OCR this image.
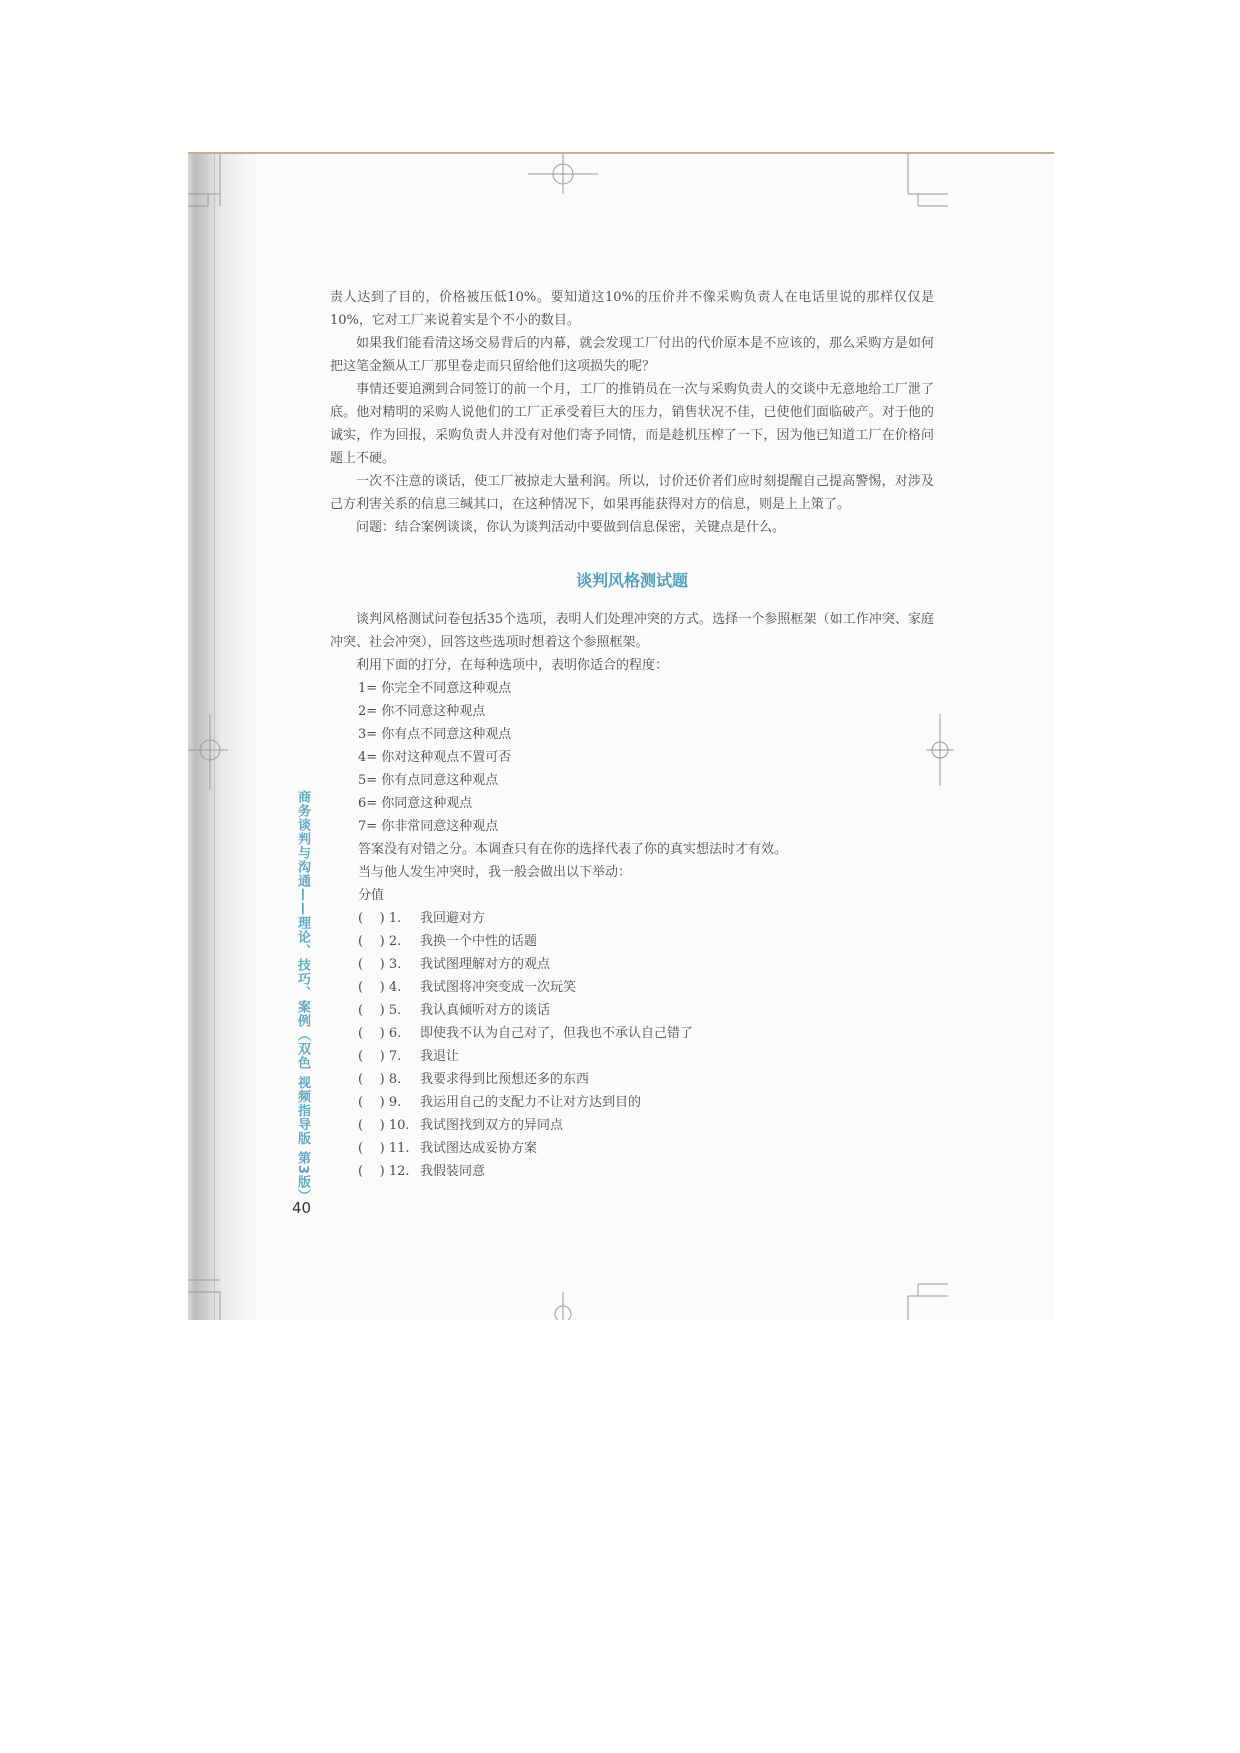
商务谈判与沟通——理论、技巧、案例（双色 视频指导版 第3版）
40

责人达到了目的，价格被压低10%。要知道这10%的压价并不像采购负责人在电话里说的那样仅仅是10%，它对工厂来说着实是个不小的数目。

如果我们能看清这场交易背后的内幕，就会发现工厂付出的代价原本是不应该的，那么采购方是如何把这笔金额从工厂那里卷走而只留给他们这项损失的呢？

事情还要追溯到合同签订的前一个月，工厂的推销员在一次与采购负责人的交谈中无意地给工厂泄了底。他对精明的采购人说他们的工厂正承受着巨大的压力，销售状况不佳，已使他们面临破产。对于他的诚实，作为回报，采购负责人并没有对他们寄予同情，而是趁机压榨了一下，因为他已知道工厂在价格问题上不硬。

一次不注意的谈话，使工厂被掠走大量利润。所以，讨价还价者们应时刻提醒自己提高警惕，对涉及己方利害关系的信息三缄其口，在这种情况下，如果再能获得对方的信息，则是上上策了。

问题：结合案例谈谈，你认为谈判活动中要做到信息保密，关键点是什么。

谈判风格测试题

谈判风格测试问卷包括35个选项，表明人们处理冲突的方式。选择一个参照框架（如工作冲突、家庭冲突、社会冲突），回答这些选项时想着这个参照框架。

利用下面的打分，在每种选项中，表明你适合的程度：

1= 你完全不同意这种观点
2= 你不同意这种观点
3= 你有点不同意这种观点
4= 你对这种观点不置可否
5= 你有点同意这种观点
6= 你同意这种观点
7= 你非常同意这种观点
答案没有对错之分。本调查只有在你的选择代表了你的真实想法时才有效。
当与他人发生冲突时，我一般会做出以下举动：
分值
(    ) 1.	我回避对方
(    ) 2.	我换一个中性的话题
(    ) 3.	我试图理解对方的观点
(    ) 4.	我试图将冲突变成一次玩笑
(    ) 5.	我认真倾听对方的谈话
(    ) 6.	即使我不认为自己对了，但我也不承认自己错了
(    ) 7.	我退让
(    ) 8.	我要求得到比预想还多的东西
(    ) 9.	我运用自己的支配力不让对方达到目的
(    ) 10. 我试图找到双方的异同点
(    ) 11. 我试图达成妥协方案
(    ) 12. 我假装同意
